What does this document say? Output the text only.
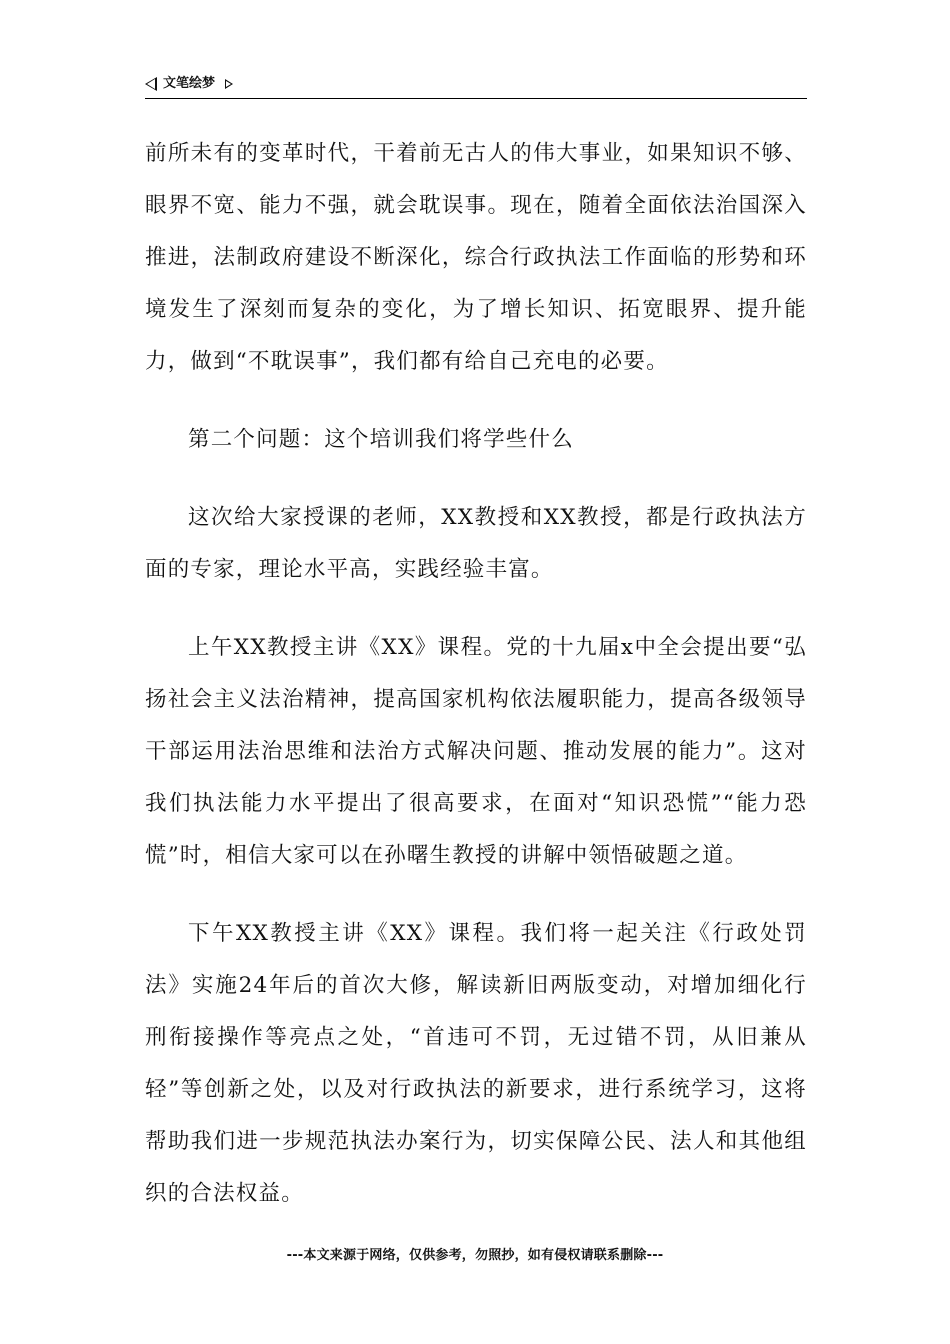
文笔绘梦

前所未有的变革时代，干着前无古人的伟大事业，如果知识不够、眼界不宽、能力不强，就会耽误事。现在，随着全面依法治国深入推进，法制政府建设不断深化，综合行政执法工作面临的形势和环境发生了深刻而复杂的变化，为了增长知识、拓宽眼界、提升能力，做到“不耽误事”，我们都有给自己充电的必要。

第二个问题：这个培训我们将学些什么

这次给大家授课的老师，XX教授和XX教授，都是行政执法方面的专家，理论水平高，实践经验丰富。

上午XX教授主讲《XX》课程。党的十九届x中全会提出要“弘扬社会主义法治精神，提高国家机构依法履职能力，提高各级领导干部运用法治思维和法治方式解决问题、推动发展的能力”。这对我们执法能力水平提出了很高要求，在面对“知识恐慌”“能力恐慌”时，相信大家可以在孙曙生教授的讲解中领悟破题之道。

下午XX教授主讲《XX》课程。我们将一起关注《行政处罚法》实施24年后的首次大修，解读新旧两版变动，对增加细化行刑衔接操作等亮点之处，“首违可不罚，无过错不罚，从旧兼从轻”等创新之处，以及对行政执法的新要求，进行系统学习，这将帮助我们进一步规范执法办案行为，切实保障公民、法人和其他组织的合法权益。

---本文来源于网络，仅供参考，勿照抄，如有侵权请联系删除---
